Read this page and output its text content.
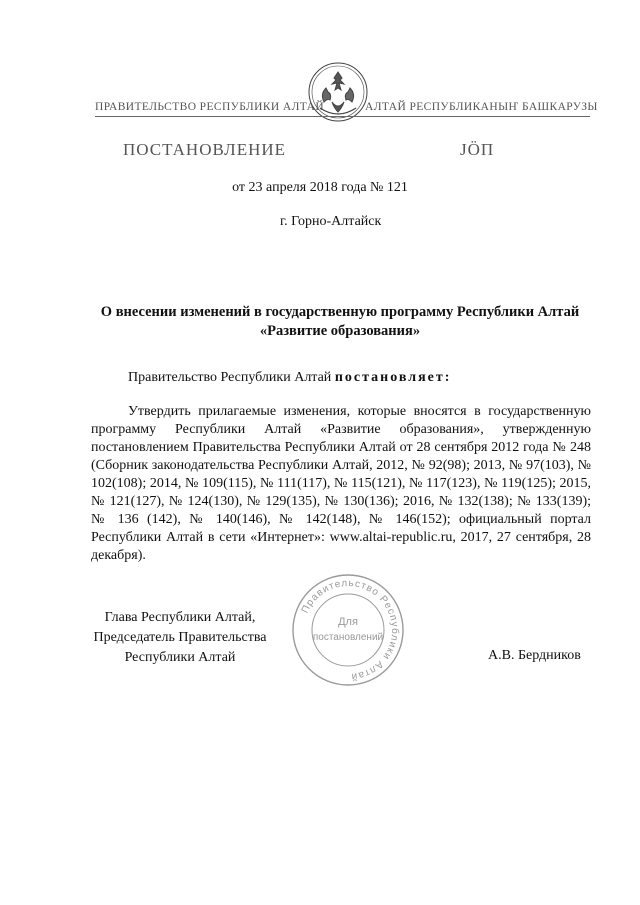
ПРАВИТЕЛЬСТВО РЕСПУБЛИКИ АЛТАЙ	АЛТАЙ РЕСПУБЛИКАНЫҤ БАШКАРУЗЫ
ПОСТАНОВЛЕНИЕ	JÖП
от 23 апреля 2018 года № 121
г. Горно-Алтайск
О внесении изменений в государственную программу Республики Алтай
«Развитие образования»
Правительство Республики Алтай постановляет:
Утвердить прилагаемые изменения, которые вносятся в государственную программу Республики Алтай «Развитие образования», утвержденную постановлением Правительства Республики Алтай от 28 сентября 2012 года № 248 (Сборник законодательства Республики Алтай, 2012, № 92(98); 2013, № 97(103), № 102(108); 2014, № 109(115), № 111(117), № 115(121), № 117(123), № 119(125); 2015, № 121(127), № 124(130), № 129(135), № 130(136); 2016, № 132(138); № 133(139); № 136 (142), № 140(146), № 142(148), № 146(152); официальный портал Республики Алтай в сети «Интернет»: www.altai-republic.ru, 2017, 27 сентября, 28 декабря).
Глава Республики Алтай,
Председатель Правительства
Республики Алтай	А.В. Бердников
Правительство Республики Алтай
Для
постановлений
